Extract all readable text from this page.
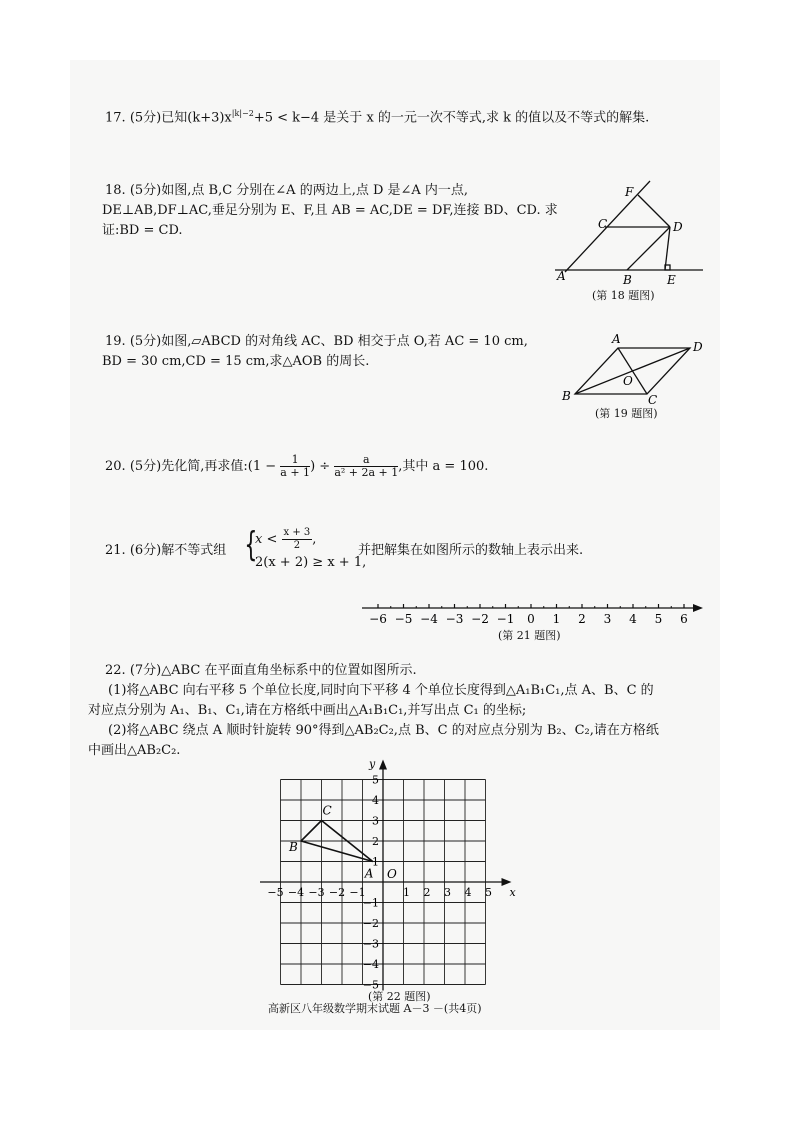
17. (5分)已知$(k+3)x^{|k|-2}+5 < k-4$ 是关于 x 的一元一次不等式,求 k 的值以及不等式的解集.
18. (5分)如图,点 B,C 分别在∠A 的两边上,点 D 是∠A 内一点,
DE⊥AB,DF⊥AC,垂足分别为 E、F,且 AB = AC,DE = DF,连接 BD、CD. 求
证:BD = CD.
F
C	D
A	B	E
(第 18 题图)
19. (5分)如图,▱ABCD 的对角线 AC、BD 相交于点 O,若 AC = 10 cm,
BD = 30 cm,CD = 15 cm,求△AOB 的周长.
A
D
B	C
O
(第 19 题图)
20. (5分)先化简,再求值:(1 − $\frac{1}{a + 1}$ ) ÷ $\frac{a}{\text{a² + 2a + 1}}$ ,其中 a = 100.
21. (6分)解不等式组 {
$x < \frac{x + 3}{2}$ ,
2(x + 2) ≥ x + 1,
并把解集在如图所示的数轴上表示出来.
−6 −5 −4 −3 −2 −1 0 1 2 3 4 5 6
(第 21 题图)
22. (7分)△ABC 在平面直角坐标系中的位置如图所示.
(1)将△ABC 向右平移 5 个单位长度,同时向下平移 4 个单位长度得到△A₁B₁C₁,点 A、B、C 的
对应点分别为 A₁、B₁、C₁,请在方格纸中画出△A₁B₁C₁,并写出点 C₁ 的坐标;
(2)将△ABC 绕点 A 顺时针旋转 90°得到△AB₂C₂,点 B、C 的对应点分别为 B₂、C₂,请在方格纸
中画出△AB₂C₂.
x
y
O
−5 −4 −3 −2 −1	1 2 3 4 5
5
4
3
2
1
−1
−2
−3
−4
−5
A
B
C
(第 22 题图)
高新区八年级数学期末试题 A－3 －(共4页)
